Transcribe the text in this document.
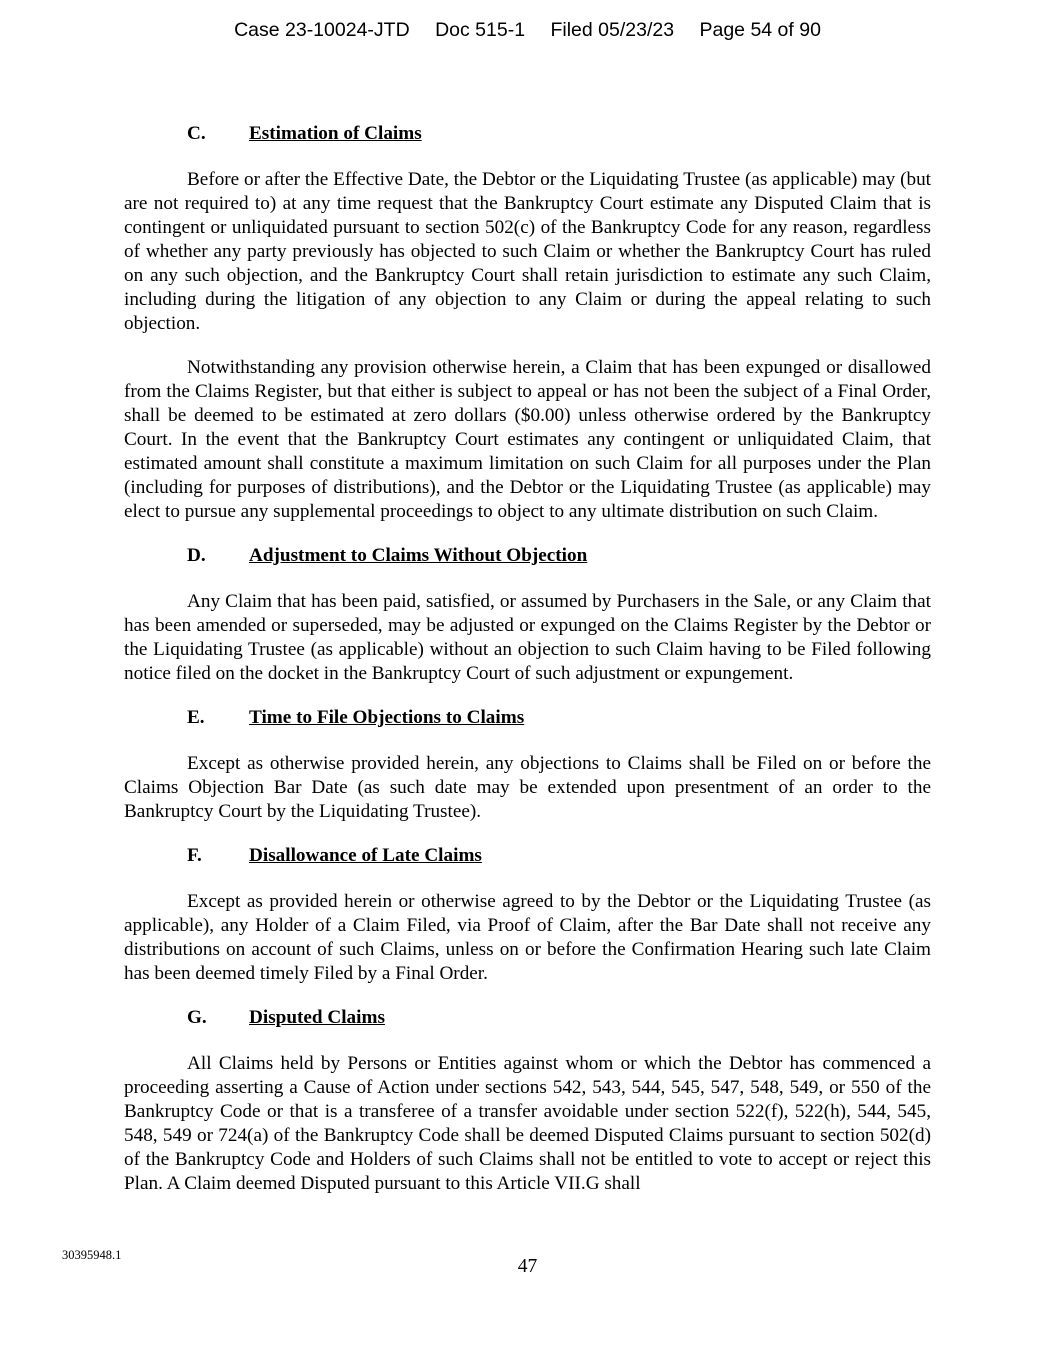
Case 23-10024-JTD Doc 515-1 Filed 05/23/23 Page 54 of 90
C.	Estimation of Claims

Before or after the Effective Date, the Debtor or the Liquidating Trustee (as applicable) may (but are not required to) at any time request that the Bankruptcy Court estimate any Disputed Claim that is contingent or unliquidated pursuant to section 502(c) of the Bankruptcy Code for any reason, regardless of whether any party previously has objected to such Claim or whether the Bankruptcy Court has ruled on any such objection, and the Bankruptcy Court shall retain jurisdiction to estimate any such Claim, including during the litigation of any objection to any Claim or during the appeal relating to such objection.

Notwithstanding any provision otherwise herein, a Claim that has been expunged or disallowed from the Claims Register, but that either is subject to appeal or has not been the subject of a Final Order, shall be deemed to be estimated at zero dollars ($0.00) unless otherwise ordered by the Bankruptcy Court. In the event that the Bankruptcy Court estimates any contingent or unliquidated Claim, that estimated amount shall constitute a maximum limitation on such Claim for all purposes under the Plan (including for purposes of distributions), and the Debtor or the Liquidating Trustee (as applicable) may elect to pursue any supplemental proceedings to object to any ultimate distribution on such Claim.

D.	Adjustment to Claims Without Objection

Any Claim that has been paid, satisfied, or assumed by Purchasers in the Sale, or any Claim that has been amended or superseded, may be adjusted or expunged on the Claims Register by the Debtor or the Liquidating Trustee (as applicable) without an objection to such Claim having to be Filed following notice filed on the docket in the Bankruptcy Court of such adjustment or expungement.

E.	Time to File Objections to Claims

Except as otherwise provided herein, any objections to Claims shall be Filed on or before the Claims Objection Bar Date (as such date may be extended upon presentment of an order to the Bankruptcy Court by the Liquidating Trustee).

F.	Disallowance of Late Claims

Except as provided herein or otherwise agreed to by the Debtor or the Liquidating Trustee (as applicable), any Holder of a Claim Filed, via Proof of Claim, after the Bar Date shall not receive any distributions on account of such Claims, unless on or before the Confirmation Hearing such late Claim has been deemed timely Filed by a Final Order.

G.	Disputed Claims

All Claims held by Persons or Entities against whom or which the Debtor has commenced a proceeding asserting a Cause of Action under sections 542, 543, 544, 545, 547, 548, 549, or 550 of the Bankruptcy Code or that is a transferee of a transfer avoidable under section 522(f), 522(h), 544, 545, 548, 549 or 724(a) of the Bankruptcy Code shall be deemed Disputed Claims pursuant to section 502(d) of the Bankruptcy Code and Holders of such Claims shall not be entitled to vote to accept or reject this Plan. A Claim deemed Disputed pursuant to this Article VII.G shall

30395948.1
47
